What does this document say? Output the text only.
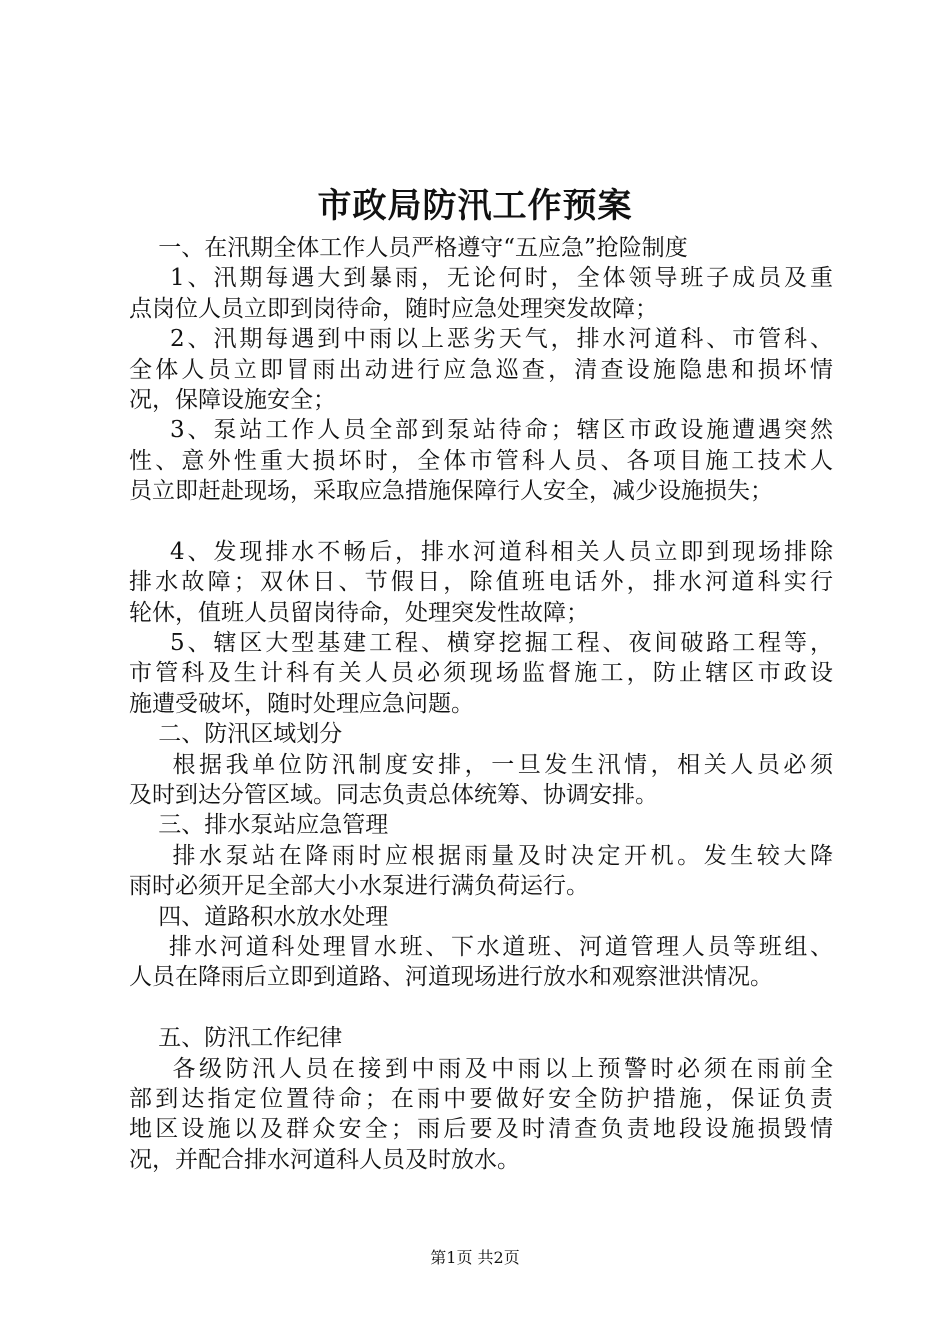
市政局防汛工作预案
一、在汛期全体工作人员严格遵守“五应急”抢险制度
1、汛期每遇大到暴雨，无论何时，全体领导班子成员及重
点岗位人员立即到岗待命，随时应急处理突发故障；
2、汛期每遇到中雨以上恶劣天气，排水河道科、市管科、
全体人员立即冒雨出动进行应急巡查，清查设施隐患和损坏情
况，保障设施安全；
3、泵站工作人员全部到泵站待命；辖区市政设施遭遇突然
性、意外性重大损坏时，全体市管科人员、各项目施工技术人
员立即赶赴现场，采取应急措施保障行人安全，减少设施损失；
4、发现排水不畅后，排水河道科相关人员立即到现场排除
排水故障；双休日、节假日，除值班电话外，排水河道科实行
轮休，值班人员留岗待命，处理突发性故障；
5、辖区大型基建工程、横穿挖掘工程、夜间破路工程等，
市管科及生计科有关人员必须现场监督施工，防止辖区市政设
施遭受破坏，随时处理应急问题。
二、防汛区域划分
根据我单位防汛制度安排，一旦发生汛情，相关人员必须
及时到达分管区域。同志负责总体统筹、协调安排。
三、排水泵站应急管理
排水泵站在降雨时应根据雨量及时决定开机。发生较大降
雨时必须开足全部大小水泵进行满负荷运行。
四、道路积水放水处理
排水河道科处理冒水班、下水道班、河道管理人员等班组、
人员在降雨后立即到道路、河道现场进行放水和观察泄洪情况。
五、防汛工作纪律
各级防汛人员在接到中雨及中雨以上预警时必须在雨前全
部到达指定位置待命；在雨中要做好安全防护措施，保证负责
地区设施以及群众安全；雨后要及时清查负责地段设施损毁情
况，并配合排水河道科人员及时放水。
第1页 共2页
